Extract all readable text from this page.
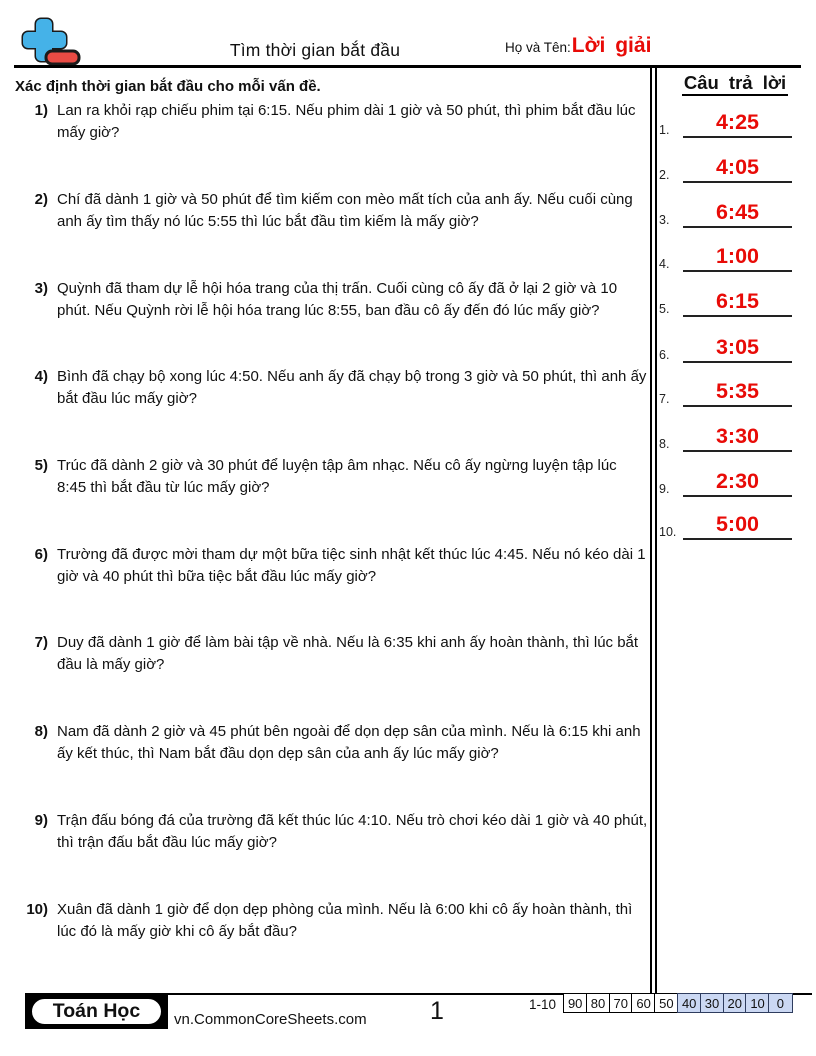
Tìm thời gian bắt đầu	Họ và Tên: Lời giải
Xác định thời gian bắt đầu cho mỗi vấn đề.
1) Lan ra khỏi rạp chiếu phim tại 6:15. Nếu phim dài 1 giờ và 50 phút, thì phim bắt đầu lúc mấy giờ?
2) Chí đã dành 1 giờ và 50 phút để tìm kiếm con mèo mất tích của anh ấy. Nếu cuối cùng anh ấy tìm thấy nó lúc 5:55 thì lúc bắt đầu tìm kiếm là mấy giờ?
3) Quỳnh đã tham dự lễ hội hóa trang của thị trấn. Cuối cùng cô ấy đã ở lại 2 giờ và 10 phút. Nếu Quỳnh rời lễ hội hóa trang lúc 8:55, ban đầu cô ấy đến đó lúc mấy giờ?
4) Bình đã chạy bộ xong lúc 4:50. Nếu anh ấy đã chạy bộ trong 3 giờ và 50 phút, thì anh ấy bắt đầu lúc mấy giờ?
5) Trúc đã dành 2 giờ và 30 phút để luyện tập âm nhạc. Nếu cô ấy ngừng luyện tập lúc 8:45 thì bắt đầu từ lúc mấy giờ?
6) Trường đã được mời tham dự một bữa tiệc sinh nhật kết thúc lúc 4:45. Nếu nó kéo dài 1 giờ và 40 phút thì bữa tiệc bắt đầu lúc mấy giờ?
7) Duy đã dành 1 giờ để làm bài tập về nhà. Nếu là 6:35 khi anh ấy hoàn thành, thì lúc bắt đầu là mấy giờ?
8) Nam đã dành 2 giờ và 45 phút bên ngoài để dọn dẹp sân của mình. Nếu là 6:15 khi anh ấy kết thúc, thì Nam bắt đầu dọn dẹp sân của anh ấy lúc mấy giờ?
9) Trận đấu bóng đá của trường đã kết thúc lúc 4:10. Nếu trò chơi kéo dài 1 giờ và 40 phút, thì trận đấu bắt đầu lúc mấy giờ?
10) Xuân đã dành 1 giờ để dọn dẹp phòng của mình. Nếu là 6:00 khi cô ấy hoàn thành, thì lúc đó là mấy giờ khi cô ấy bắt đầu?
Câu trả lời
1.	4:25
2.	4:05
3.	6:45
4.	1:00
5.	6:15
6.	3:05
7.	5:35
8.	3:30
9.	2:30
10.	5:00
Toán Học	vn.CommonCoreSheets.com	1	1-10 90 80 70 60 50 40 30 20 10 0
